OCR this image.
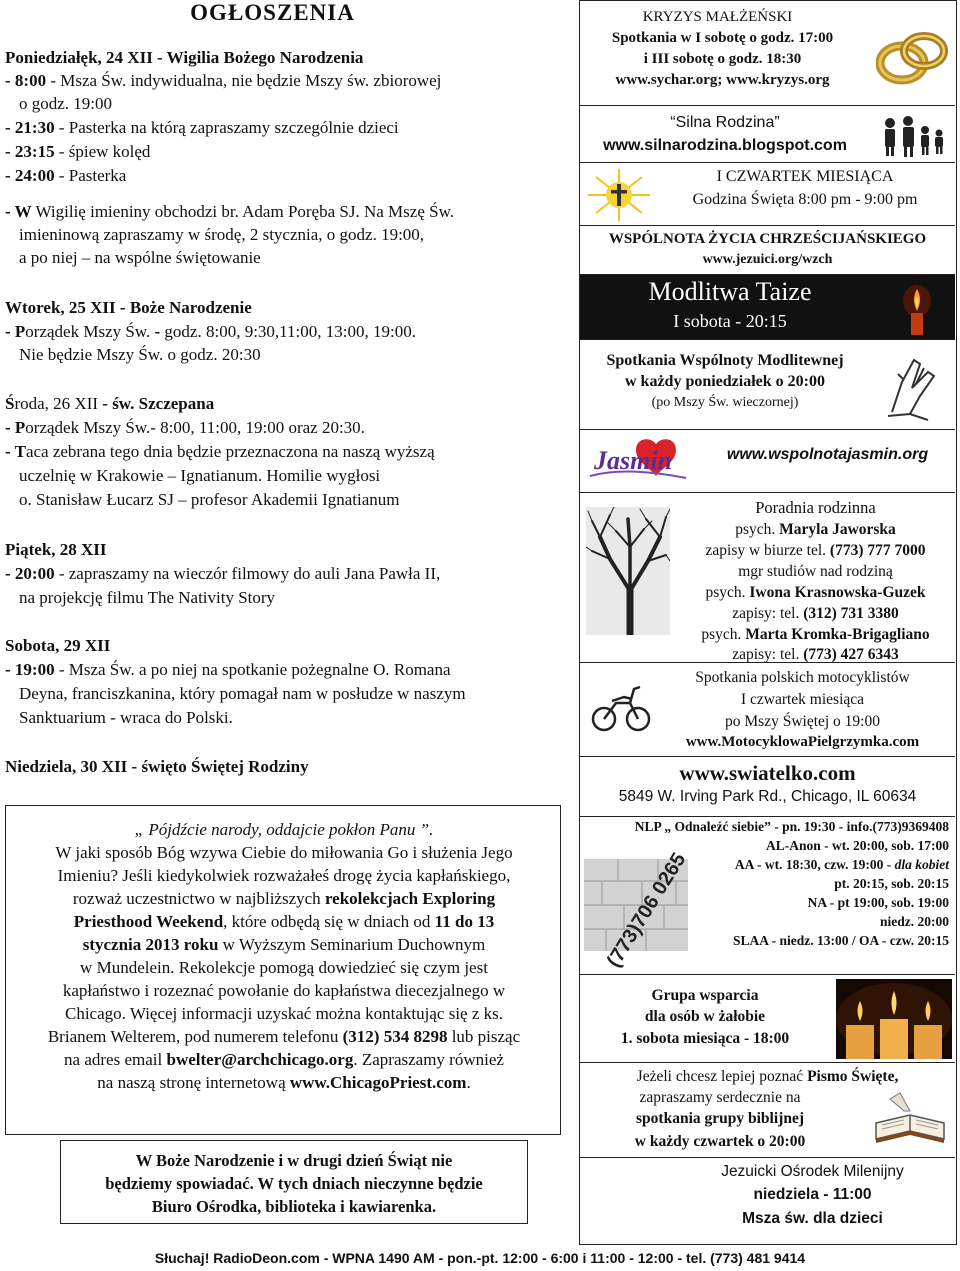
OGŁOSZENIA
Poniedziałęk, 24 XII - Wigilia Bożego Narodzenia
- 8:00 - Msza Św. indywidualna, nie będzie Mszy św. zbiorowej
o godz. 19:00
- 21:30 - Pasterka na którą zapraszamy szczególnie dzieci
- 23:15 - śpiew kolęd
- 24:00 - Pasterka
- W Wigilię imieniny obchodzi br. Adam Poręba SJ. Na Mszę Św.
imieninową zapraszamy w środę, 2 stycznia, o godz. 19:00,
a po niej – na wspólne świętowanie
Wtorek, 25 XII - Boże Narodzenie
- Porządek Mszy Św. - godz. 8:00, 9:30,11:00, 13:00, 19:00.
Nie będzie Mszy Św. o godz. 20:30
Środa, 26 XII - św. Szczepana
- Porządek Mszy Św.- 8:00, 11:00, 19:00 oraz 20:30.
- Taca zebrana tego dnia będzie przeznaczona na naszą wyższą
uczelnię w Krakowie – Ignatianum. Homilie wygłosi
o. Stanisław Łucarz SJ – profesor Akademii Ignatianum
Piątek, 28 XII
- 20:00 - zapraszamy na wieczór filmowy do auli Jana Pawła II,
na projekcję filmu The Nativity Story
Sobota, 29 XII
- 19:00 - Msza Św. a po niej na spotkanie pożegnalne O. Romana
Deyna, franciszkanina, który pomagał nam w posłudze w naszym
Sanktuarium - wraca do Polski.
Niedziela, 30 XII - święto Świętej Rodziny
„ Pójdźcie narody, oddajcie pokłon Panu ”.
W jaki sposób Bóg wzywa Ciebie do miłowania Go i służenia Jego
Imieniu? Jeśli kiedykolwiek rozważałeś drogę życia kapłańskiego,
rozważ uczestnictwo w najbliższych rekolekcjach Exploring
Priesthood Weekend, które odbędą się w dniach od 11 do 13
stycznia 2013 roku w Wyższym Seminarium Duchownym
w Mundelein. Rekolekcje pomogą dowiedzieć się czym jest
kapłaństwo i rozeznać powołanie do kapłaństwa diecezjalnego w
Chicago. Więcej informacji uzyskać można kontaktując się z ks.
Brianem Welterem, pod numerem telefonu (312) 534 8298 lub pisząc
na adres email bwelter@archchicago.org. Zapraszamy również
na naszą stronę internetową www.ChicagoPriest.com.
W Boże Narodzenie i w drugi dzień Świąt nie
będziemy spowiadać. W tych dniach nieczynne będzie
Biuro Ośrodka, biblioteka i kawiarenka.
KRYZYS MAŁŻEŃSKI
Spotkania w I sobotę o godz. 17:00
i III sobotę o godz. 18:30
www.sychar.org; www.kryzys.org
“Silna Rodzina”
www.silnarodzina.blogspot.com
I CZWARTEK MIESIĄCA
Godzina Święta 8:00 pm - 9:00 pm
WSPÓLNOTA ŻYCIA CHRZEŚCIJAŃSKIEGO
www.jezuici.org/wzch
Modlitwa Taize
I sobota - 20:15
Spotkania Wspólnoty Modlitewnej
w każdy poniedziałek o 20:00
(po Mszy Św. wieczornej)
Jasmin	www.wspolnotajasmin.org
Poradnia rodzinna
psych. Maryla Jaworska
zapisy w biurze tel. (773) 777 7000
mgr studiów nad rodziną
psych. Iwona Krasnowska-Guzek
zapisy: tel. (312) 731 3380
psych. Marta Kromka-Brigagliano
zapisy: tel. (773) 427 6343
Spotkania polskich motocyklistów
I czwartek miesiąca
po Mszy Świętej o 19:00
www.MotocyklowaPielgrzymka.com
www.swiatelko.com
5849 W. Irving Park Rd., Chicago, IL 60634
(773)706 0265
NLP „ Odnaleźć siebie” - pn. 19:30 - info.(773)9369408
AL-Anon - wt. 20:00, sob. 17:00
AA - wt. 18:30, czw. 19:00 - dla kobiet
pt. 20:15, sob. 20:15
NA - pt 19:00, sob. 19:00
niedz. 20:00
SLAA - niedz. 13:00 / OA - czw. 20:15
Grupa wsparcia
dla osób w żałobie
1. sobota miesiąca - 18:00
Jeżeli chcesz lepiej poznać Pismo Święte,
zapraszamy serdecznie na
spotkania grupy biblijnej
w każdy czwartek o 20:00
Jezuicki Ośrodek Milenijny
niedziela - 11:00
Msza św. dla dzieci
Słuchaj! RadioDeon.com - WPNA 1490 AM - pon.-pt. 12:00 - 6:00 i 11:00 - 12:00 - tel. (773) 481 9414
